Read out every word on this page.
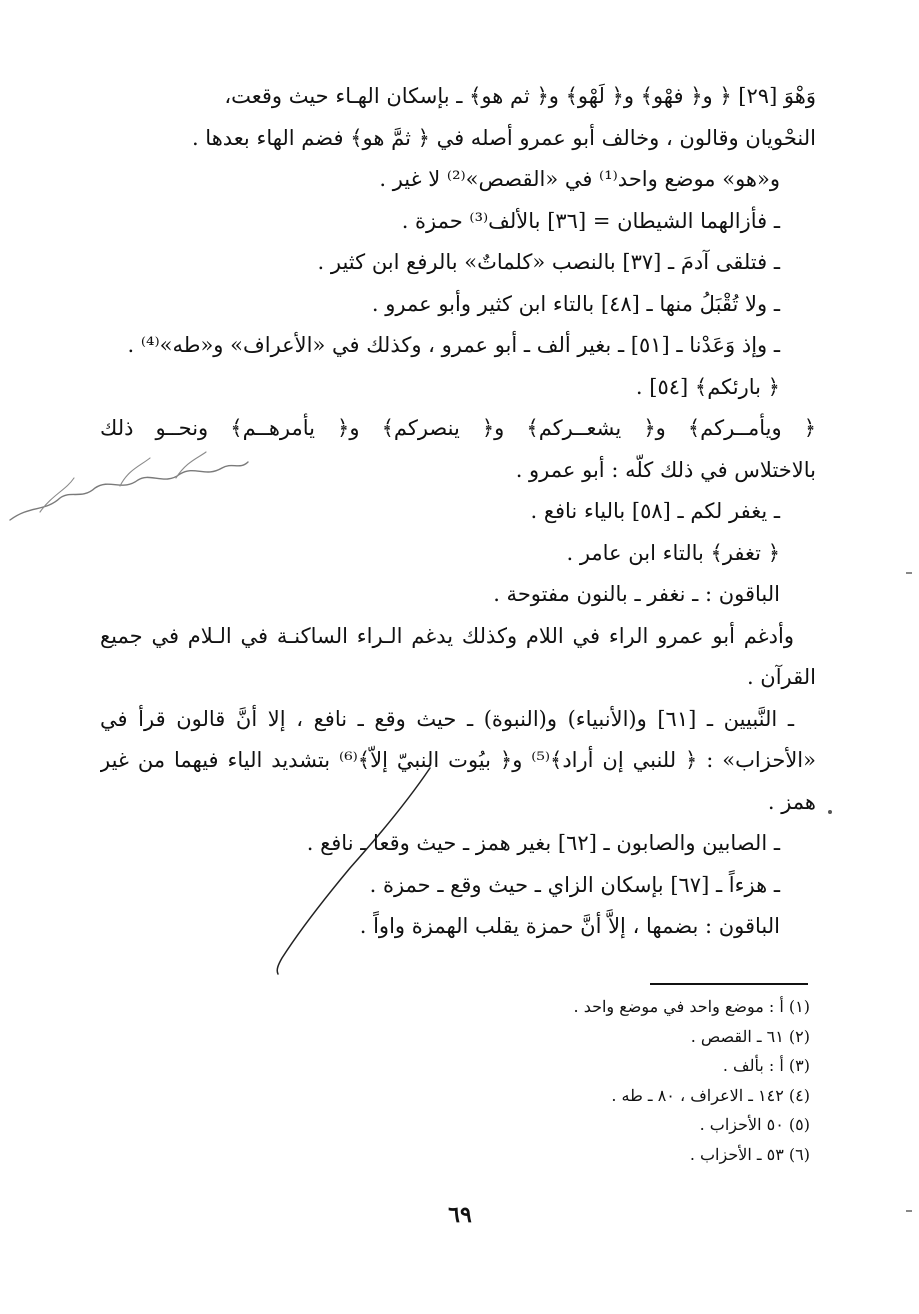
وَهْوَ [٢٩] ﴿ و﴿ فهْو﴾ و﴿ لَهْو﴾ و﴿ ثم هو﴾ ـ بإسكان الهـاء حيث وقعت،
النحْويان وقالون ، وخالف أبو عمرو أصله في ﴿ ثمَّ هو﴾ فضم الهاء بعدها .
و«هو» موضع واحد⁽¹⁾ في «القصص»⁽²⁾ لا غير .
ـ فأزالهما الشيطان = [٣٦] بالألف⁽³⁾ حمزة .
ـ فتلقى آدمَ ـ [٣٧] بالنصب «كلماتٌ» بالرفع ابن كثير .
ـ ولا تُقْبَلُ منها ـ [٤٨] بالتاء ابن كثير وأبو عمرو .
ـ وإذ وَعَدْنا ـ [٥١] ـ بغير ألف ـ أبو عمرو ، وكذلك في «الأعراف» و«طه»⁽⁴⁾ .
﴿ بارئكم﴾ [٥٤] .
﴿ ويأمــركم﴾ و﴿ يشعــركم﴾ و﴿ ينصركم﴾ و﴿ يأمرهــم﴾ ونحــو ذلك
بالاختلاس في ذلك كلّه : أبو عمرو .
ـ يغفر لكم ـ [٥٨] بالياء نافع .
﴿ تغفر﴾ بالتاء ابن عامر .
الباقون : ـ نغفر ـ بالنون مفتوحة .
وأدغم أبو عمرو الراء في اللام وكذلك يدغم الـراء الساكنـة في الـلام في جميع
القرآن .
ـ النَّبيين ـ [٦١] و(الأنبياء) و(النبوة) ـ حيث وقع ـ نافع ، إلا أنَّ قالون قرأ في
«الأحزاب» : ﴿ للنبي إن أراد﴾⁽⁵⁾ و﴿ بيُوت النبيّ إلاّ﴾⁽⁶⁾ بتشديد الياء فيهما من غير
همز .
ـ الصابين والصابون ـ [٦٢] بغير همز ـ حيث وقعا ـ نافع .
ـ هزءاً ـ [٦٧] بإسكان الزاي ـ حيث وقع ـ حمزة .
الباقون : بضمها ، إلاَّ أنَّ حمزة يقلب الهمزة واواً .
(١) أ : موضع واحد في موضع واحد .
(٢) ٦١ ـ القصص .
(٣) أ : بألف .
(٤) ١٤٢ ـ الاعراف ، ٨٠ ـ طه .
(٥) ٥٠ الأحزاب .
(٦) ٥٣ ـ الأحزاب .
٦٩
